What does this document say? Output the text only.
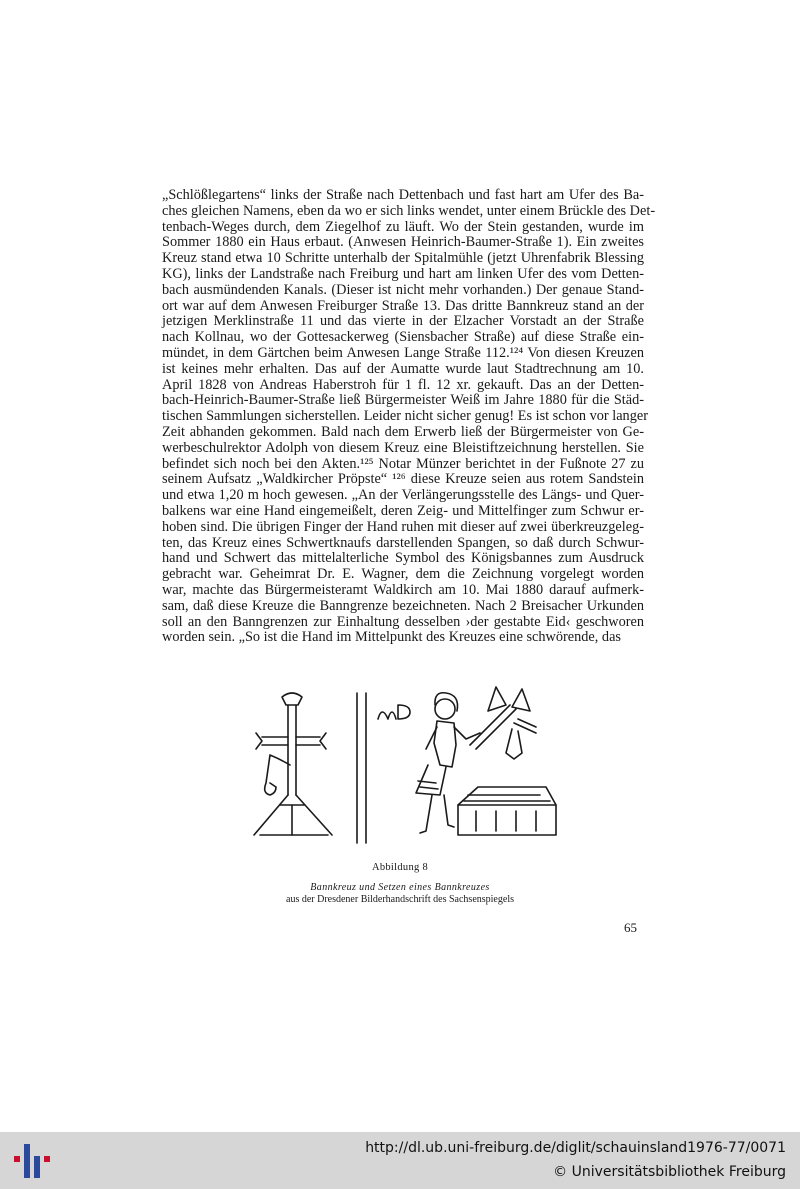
„Schlößlegartens“ links der Straße nach Dettenbach und fast hart am Ufer des Ba-
ches gleichen Namens, eben da wo er sich links wendet, unter einem Brückle des Det-
tenbach-Weges durch, dem Ziegelhof zu läuft. Wo der Stein gestanden, wurde im
Sommer 1880 ein Haus erbaut. (Anwesen Heinrich-Baumer-Straße 1). Ein zweites
Kreuz stand etwa 10 Schritte unterhalb der Spitalmühle (jetzt Uhrenfabrik Blessing
KG), links der Landstraße nach Freiburg und hart am linken Ufer des vom Detten-
bach ausmündenden Kanals. (Dieser ist nicht mehr vorhanden.) Der genaue Stand-
ort war auf dem Anwesen Freiburger Straße 13. Das dritte Bannkreuz stand an der
jetzigen Merklinstraße 11 und das vierte in der Elzacher Vorstadt an der Straße
nach Kollnau, wo der Gottesackerweg (Siensbacher Straße) auf diese Straße ein-
mündet, in dem Gärtchen beim Anwesen Lange Straße 112.¹²⁴ Von diesen Kreuzen
ist keines mehr erhalten. Das auf der Aumatte wurde laut Stadtrechnung am 10.
April 1828 von Andreas Haberstroh für 1 fl. 12 xr. gekauft. Das an der Detten-
bach-Heinrich-Baumer-Straße ließ Bürgermeister Weiß im Jahre 1880 für die Städ-
tischen Sammlungen sicherstellen. Leider nicht sicher genug! Es ist schon vor langer
Zeit abhanden gekommen. Bald nach dem Erwerb ließ der Bürgermeister von Ge-
werbeschulrektor Adolph von diesem Kreuz eine Bleistiftzeichnung herstellen. Sie
befindet sich noch bei den Akten.¹²⁵ Notar Münzer berichtet in der Fußnote 27 zu
seinem Aufsatz „Waldkircher Pröpste“ ¹²⁶ diese Kreuze seien aus rotem Sandstein
und etwa 1,20 m hoch gewesen. „An der Verlängerungsstelle des Längs- und Quer-
balkens war eine Hand eingemeißelt, deren Zeig- und Mittelfinger zum Schwur er-
hoben sind. Die übrigen Finger der Hand ruhen mit dieser auf zwei überkreuzgeleg-
ten, das Kreuz eines Schwertknaufs darstellenden Spangen, so daß durch Schwur-
hand und Schwert das mittelalterliche Symbol des Königsbannes zum Ausdruck
gebracht war. Geheimrat Dr. E. Wagner, dem die Zeichnung vorgelegt worden
war, machte das Bürgermeisteramt Waldkirch am 10. Mai 1880 darauf aufmerk-
sam, daß diese Kreuze die Banngrenze bezeichneten. Nach 2 Breisacher Urkunden
soll an den Banngrenzen zur Einhaltung desselben ›der gestabte Eid‹ geschworen
worden sein. „So ist die Hand im Mittelpunkt des Kreuzes eine schwörende, das
Abbildung 8
Bannkreuz und Setzen eines Bannkreuzes
aus der Dresdener Bilderhandschrift des Sachsenspiegels
65
http://dl.ub.uni-freiburg.de/diglit/schauinsland1976-77/0071
© Universitätsbibliothek Freiburg
